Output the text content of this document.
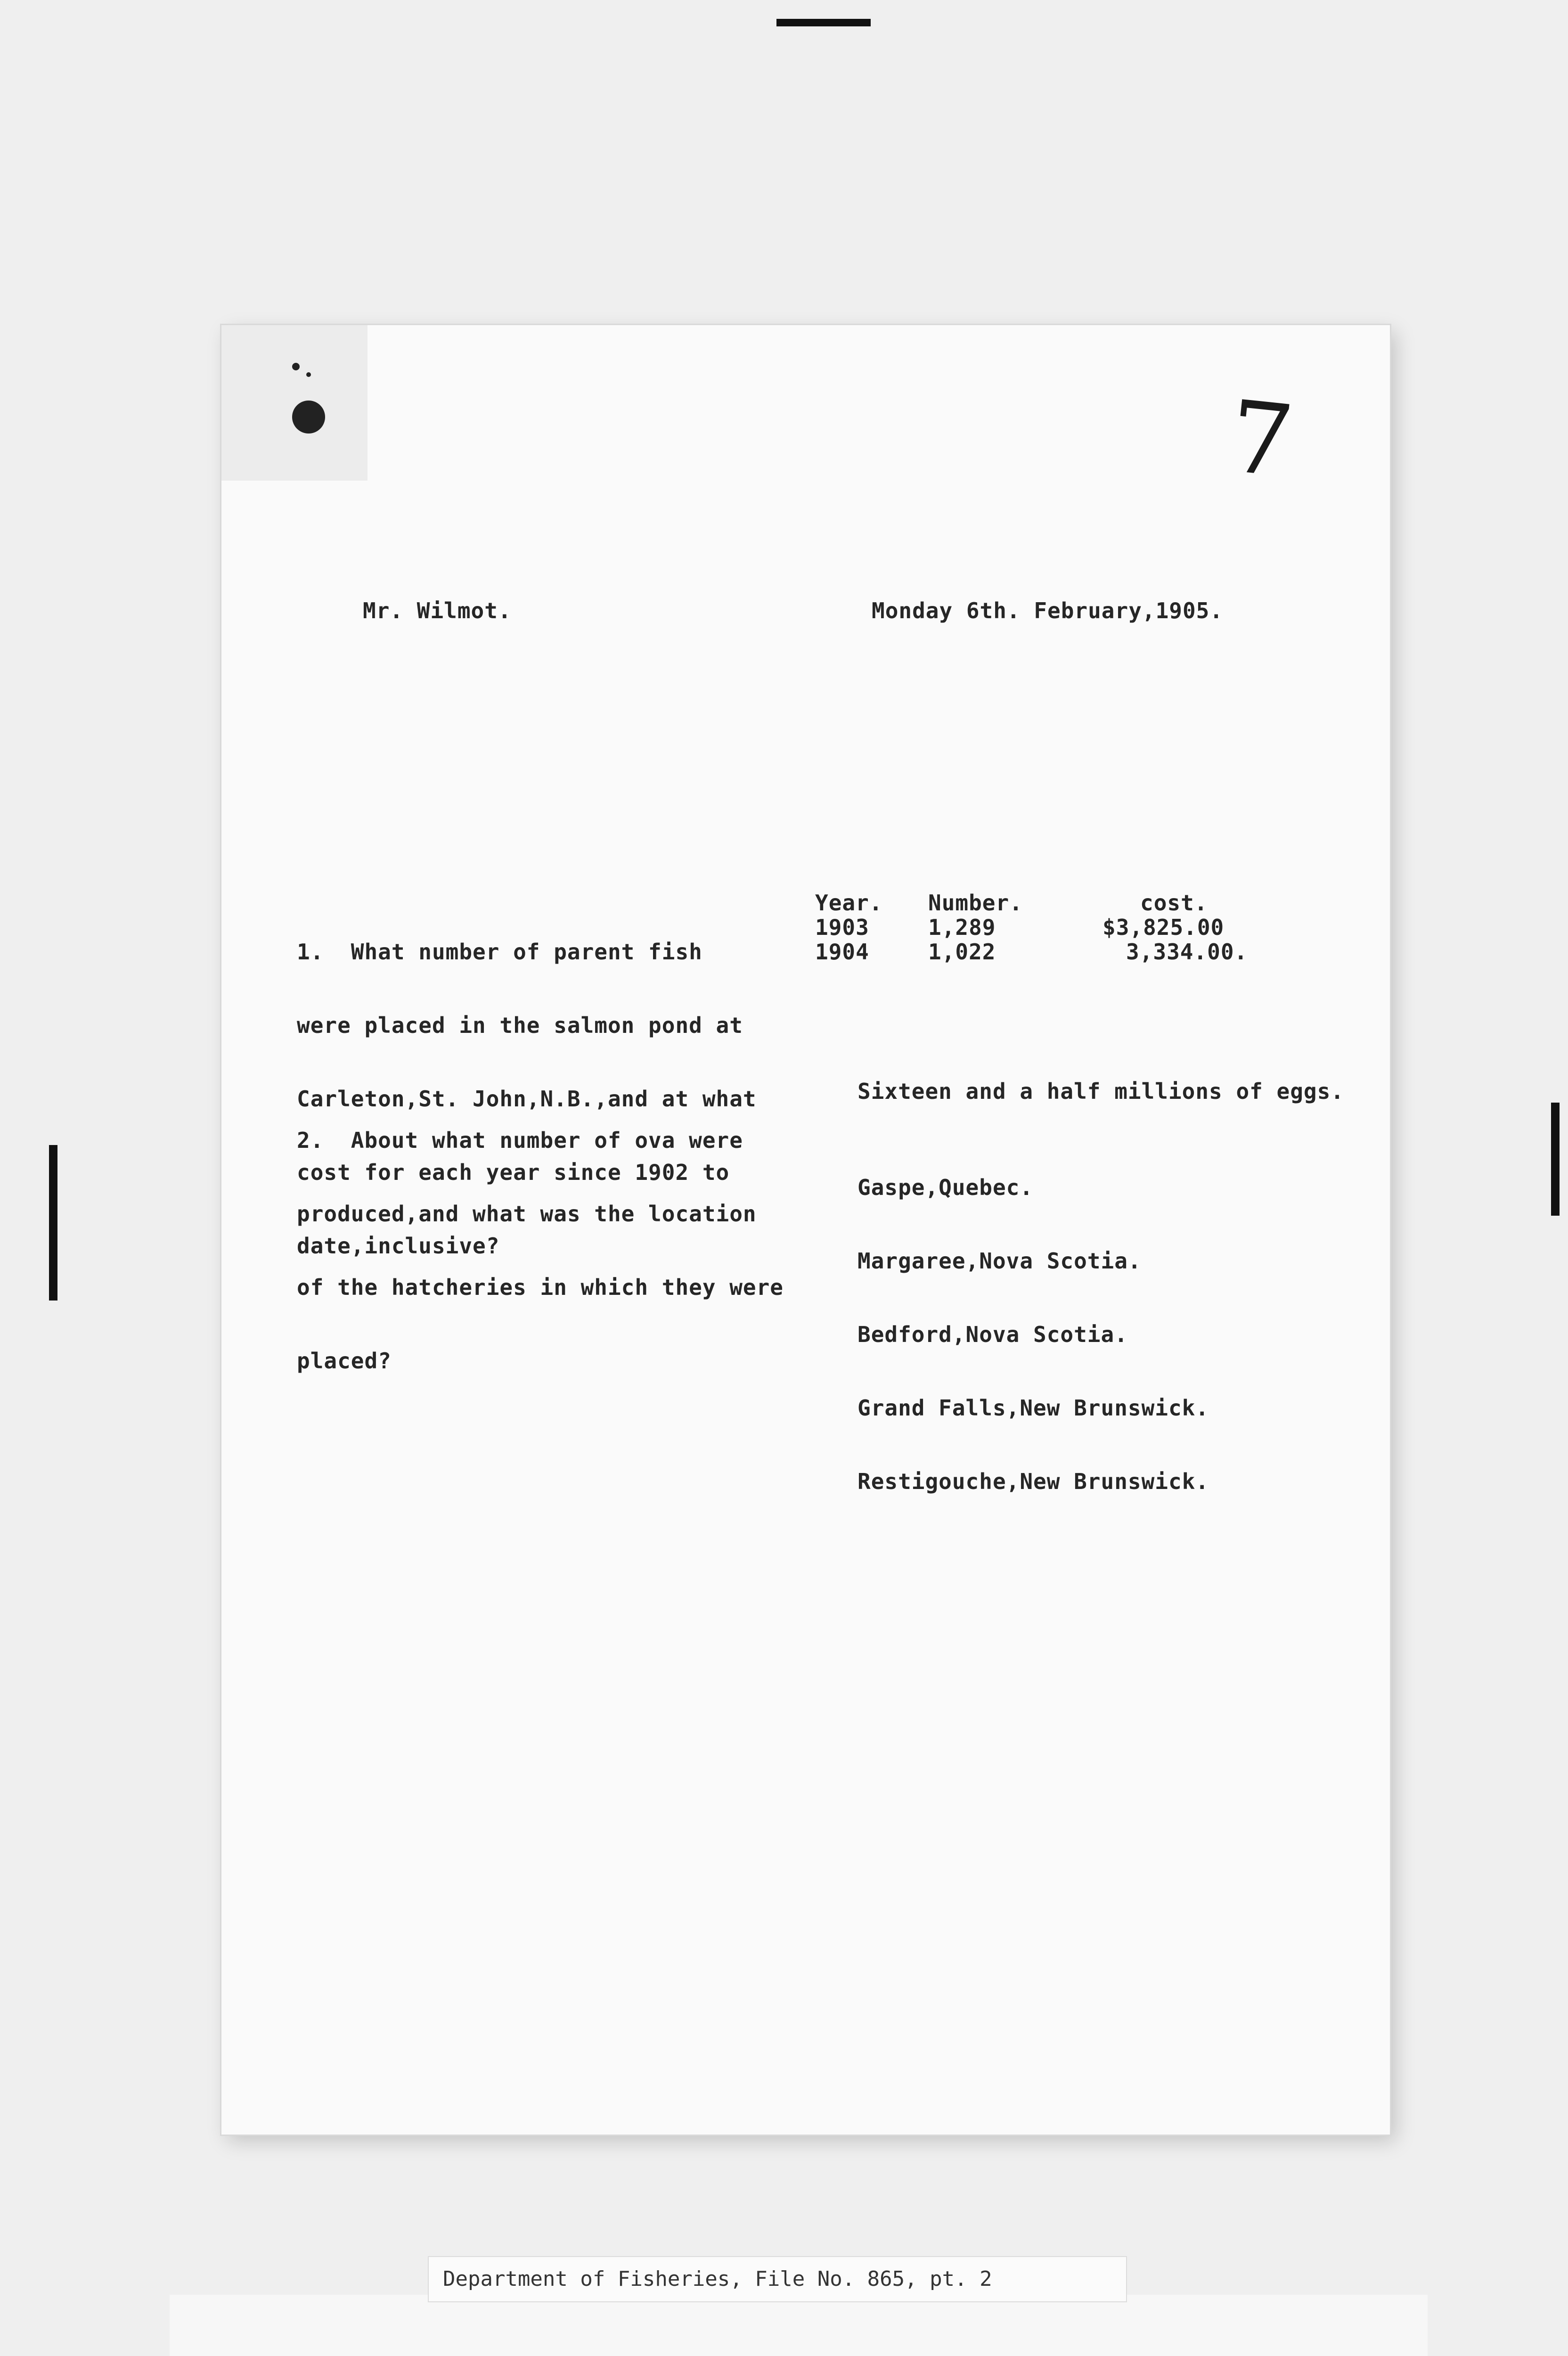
7
Mr. Wilmot.	Monday 6th. February,1905.

1.  What number of parent fish

were placed in the salmon pond at

Carleton,St. John,N.B.,and at what

cost for each year since 1902 to

date,inclusive?

Year. Number.	cost.
1903	1,289	$3,825.00
1904	1,022	3,334.00.

2.  About what number of ova were

produced,and what was the location

of the hatcheries in which they were

placed?

Sixteen and a half millions of eggs.

Gaspe,Quebec.

Margaree,Nova Scotia.

Bedford,Nova Scotia.

Grand Falls,New Brunswick.

Restigouche,New Brunswick.

Department of Fisheries, File No. 865, pt. 2
